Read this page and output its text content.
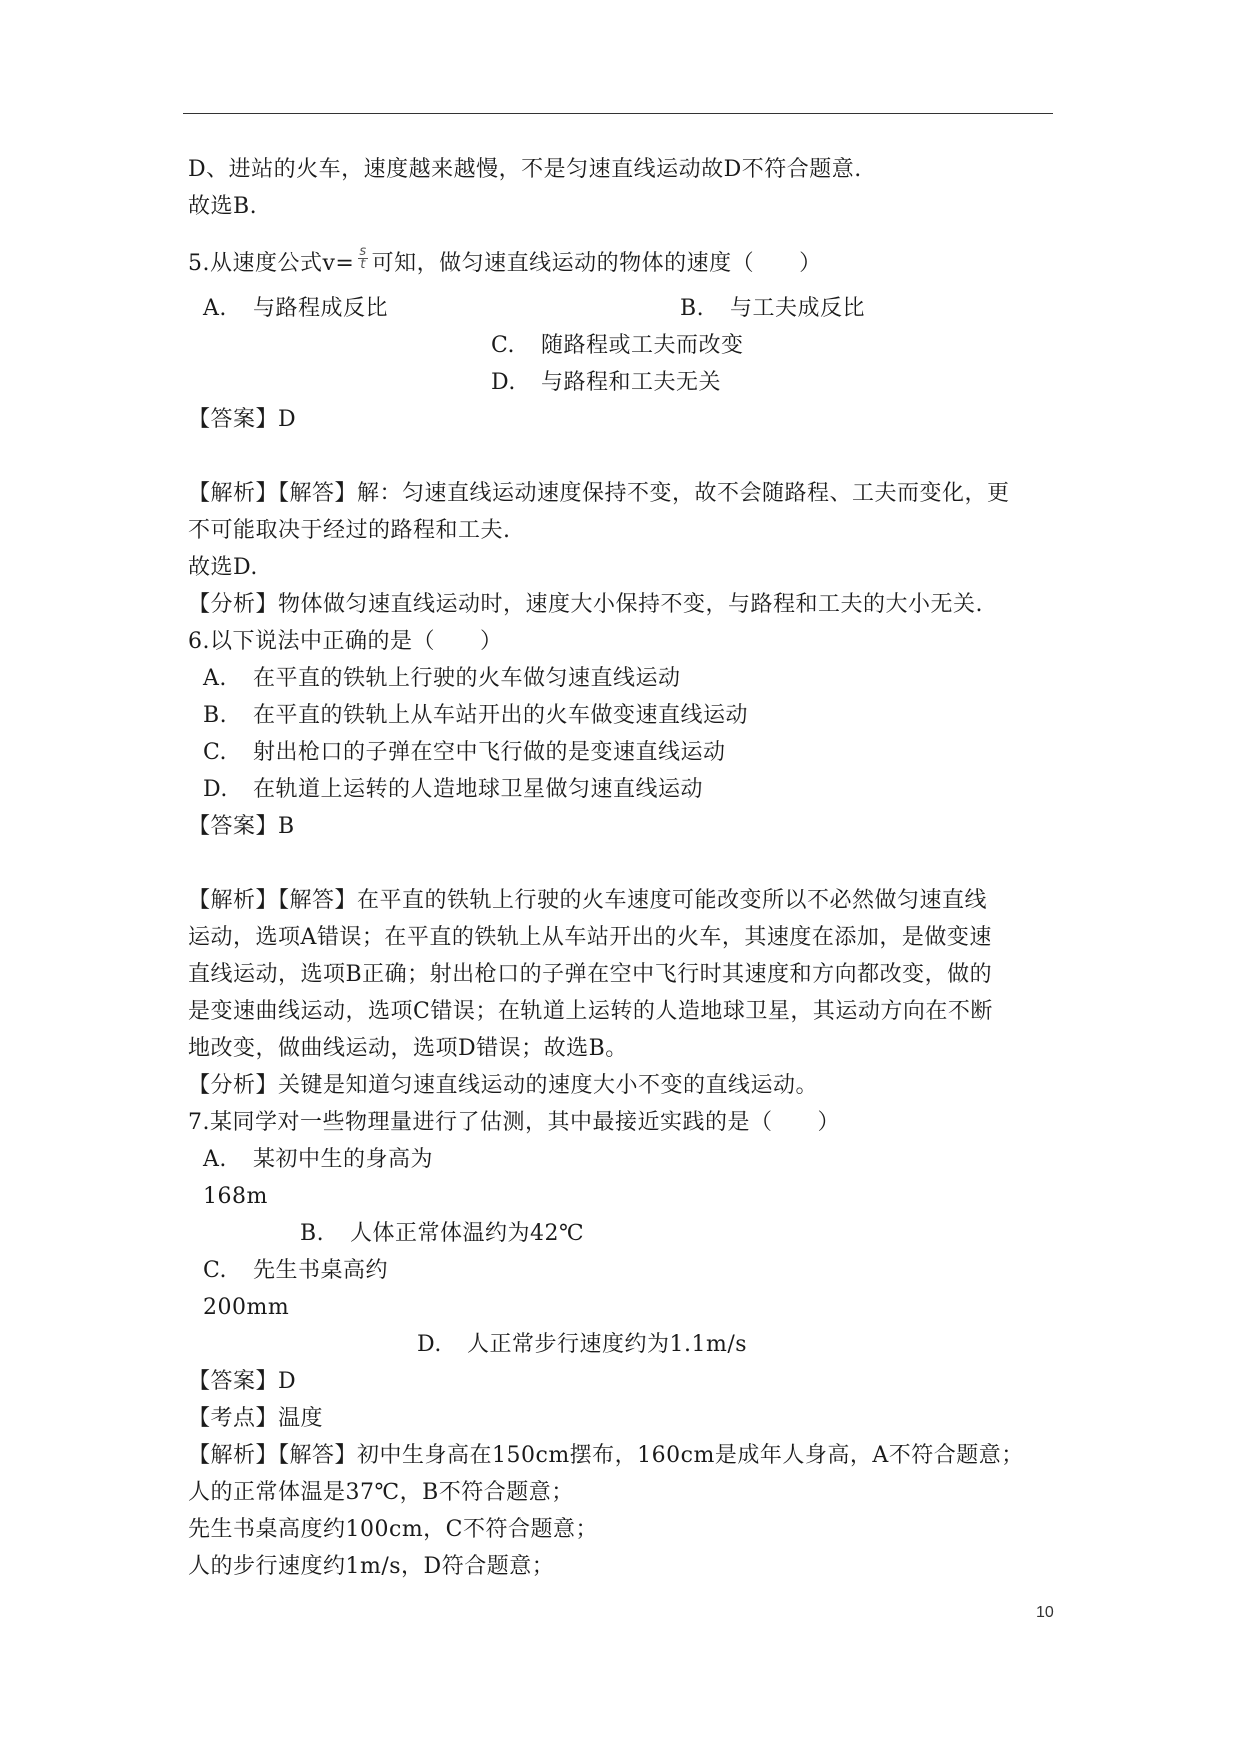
D、进站的火车，速度越来越慢，不是匀速直线运动故D不符合题意.
故选B.
5.从速度公式$v= \frac{s}{t}$ 可知，做匀速直线运动的物体的速度（　　）
A. 与路程成反比	B. 与工夫成反比
C. 随路程或工夫而改变
D. 与路程和工夫无关
【答案】D
【解析】【解答】解：匀速直线运动速度保持不变，故不会随路程、工夫而变化，更
不可能取决于经过的路程和工夫.
故选D.
【分析】物体做匀速直线运动时，速度大小保持不变，与路程和工夫的大小无关.
6.以下说法中正确的是（　　）
A. 在平直的铁轨上行驶的火车做匀速直线运动
B. 在平直的铁轨上从车站开出的火车做变速直线运动
C. 射出枪口的子弹在空中飞行做的是变速直线运动
D. 在轨道上运转的人造地球卫星做匀速直线运动
【答案】B
【解析】【解答】在平直的铁轨上行驶的火车速度可能改变所以不必然做匀速直线
运动，选项A错误；在平直的铁轨上从车站开出的火车，其速度在添加，是做变速
直线运动，选项B正确；射出枪口的子弹在空中飞行时其速度和方向都改变，做的
是变速曲线运动，选项C错误；在轨道上运转的人造地球卫星，其运动方向在不断
地改变，做曲线运动，选项D错误；故选B。
【分析】关键是知道匀速直线运动的速度大小不变的直线运动。
7.某同学对一些物理量进行了估测，其中最接近实践的是（　　）
A. 某初中生的身高为
168m
B. 人体正常体温约为42℃
C. 先生书桌高约
200mm
D. 人正常步行速度约为1.1m/s
【答案】D
【考点】温度
【解析】【解答】初中生身高在150cm摆布，160cm是成年人身高，A不符合题意；
人的正常体温是37℃，B不符合题意；
先生书桌高度约100cm，C不符合题意；
人的步行速度约1m/s，D符合题意；
10
